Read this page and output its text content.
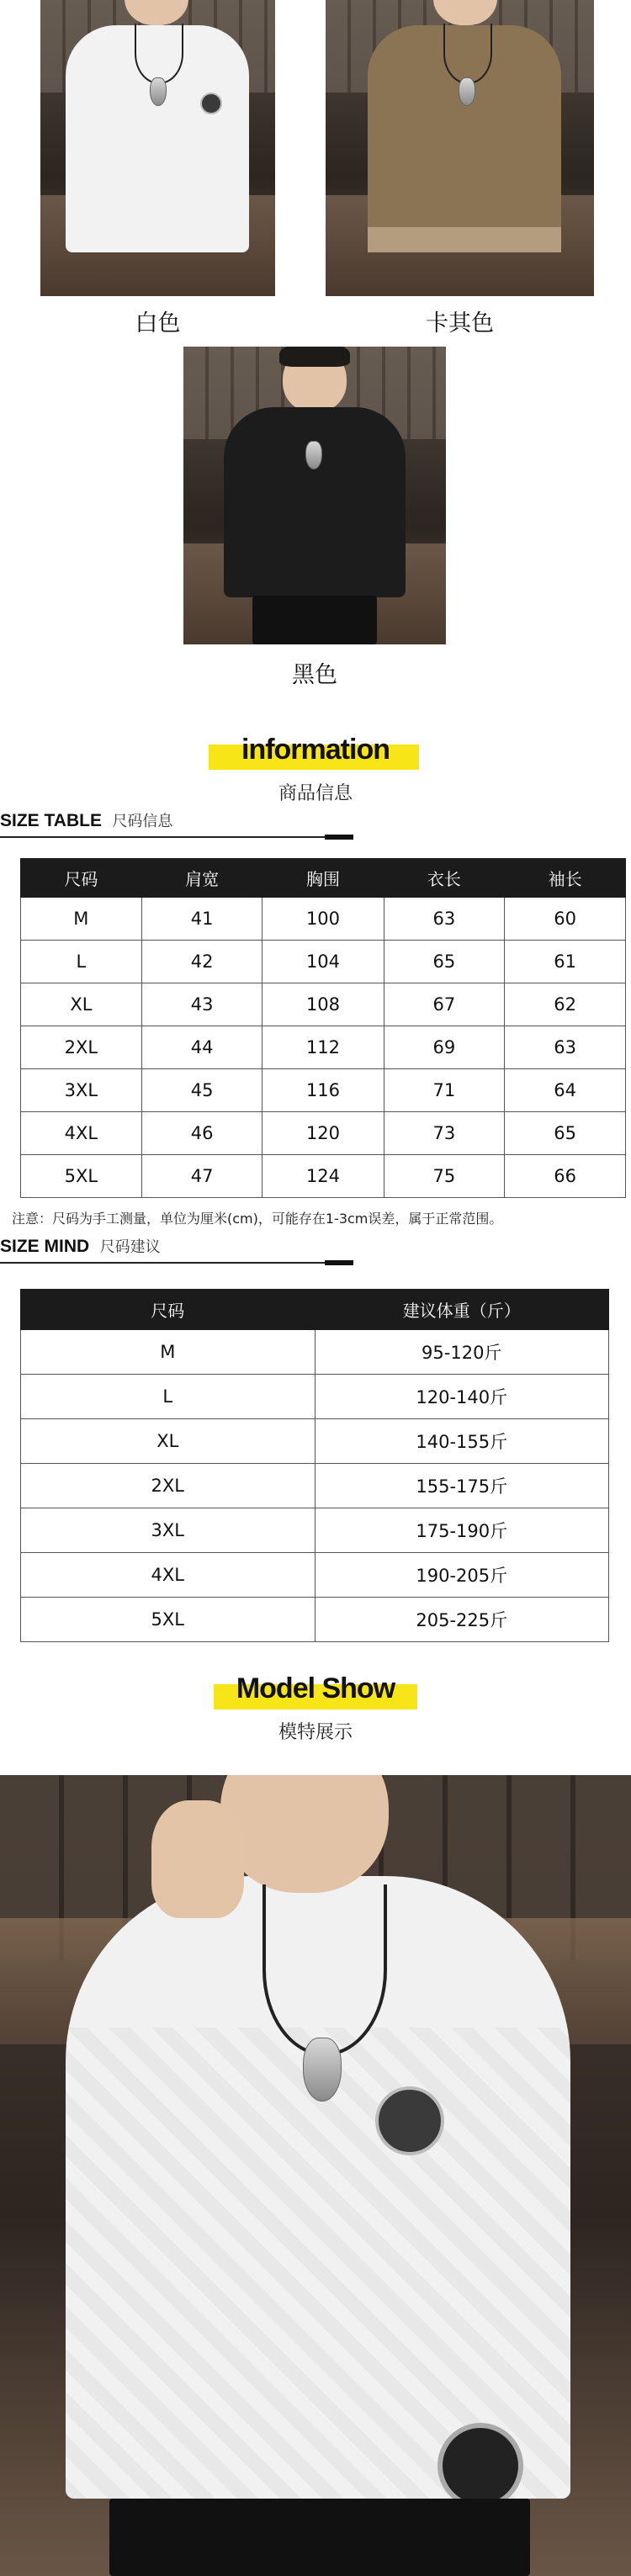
白色	卡其色
黑色
information
商品信息
SIZE TABLE 尺码信息
尺码	肩宽	胸围	衣长	袖长
M	41	100	63	60
L	42	104	65	61
XL	43	108	67	62
2XL	44	112	69	63
3XL	45	116	71	64
4XL	46	120	73	65
5XL	47	124	75	66
注意：尺码为手工测量，单位为厘米(cm)，可能存在1-3cm误差，属于正常范围。
SIZE MIND 尺码建议
尺码	建议体重（斤）
M	95-120斤
L	120-140斤
XL	140-155斤
2XL	155-175斤
3XL	175-190斤
4XL	190-205斤
5XL	205-225斤
Model Show
模特展示
